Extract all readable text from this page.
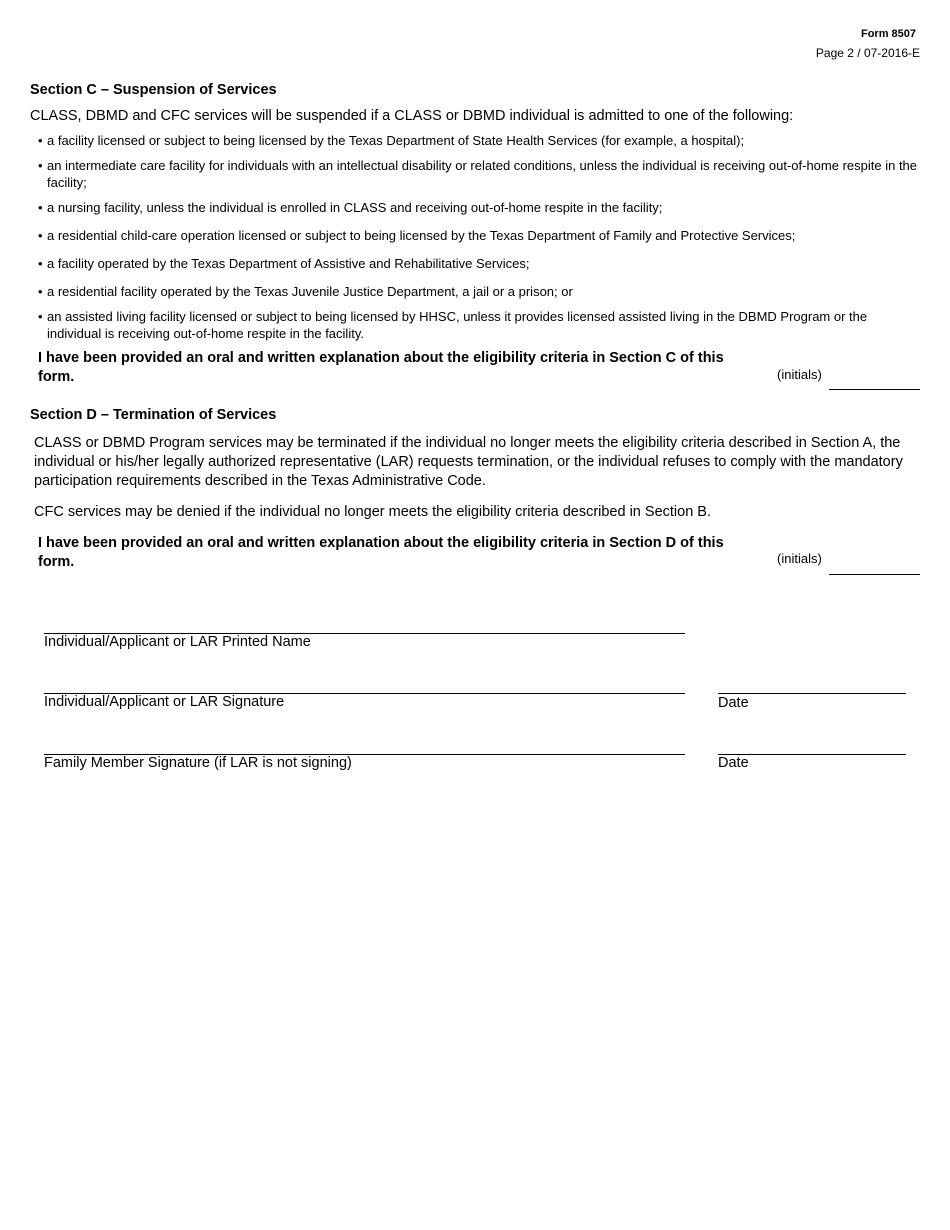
Form 8507
Page 2 / 07-2016-E
Section C – Suspension of Services
CLASS, DBMD and CFC services will be suspended if a CLASS or DBMD individual is admitted to one of the following:
• a facility licensed or subject to being licensed by the Texas Department of State Health Services (for example, a hospital);
• an intermediate care facility for individuals with an intellectual disability or related conditions, unless the individual is receiving out-of-home respite in the facility;
• a nursing facility, unless the individual is enrolled in CLASS and receiving out-of-home respite in the facility;
• a residential child-care operation licensed or subject to being licensed by the Texas Department of Family and Protective Services;
• a facility operated by the Texas Department of Assistive and Rehabilitative Services;
• a residential facility operated by the Texas Juvenile Justice Department, a jail or a prison; or
• an assisted living facility licensed or subject to being licensed by HHSC, unless it provides licensed assisted living in the DBMD Program or the individual is receiving out-of-home respite in the facility.
I have been provided an oral and written explanation about the eligibility criteria in Section C of this form.	(initials)
Section D – Termination of Services
CLASS or DBMD Program services may be terminated if the individual no longer meets the eligibility criteria described in Section A, the individual or his/her legally authorized representative (LAR) requests termination, or the individual refuses to comply with the mandatory participation requirements described in the Texas Administrative Code.
CFC services may be denied if the individual no longer meets the eligibility criteria described in Section B.
I have been provided an oral and written explanation about the eligibility criteria in Section D of this form.	(initials)
Individual/Applicant or LAR Printed Name
Individual/Applicant or LAR Signature	Date
Family Member Signature (if LAR is not signing)	Date
